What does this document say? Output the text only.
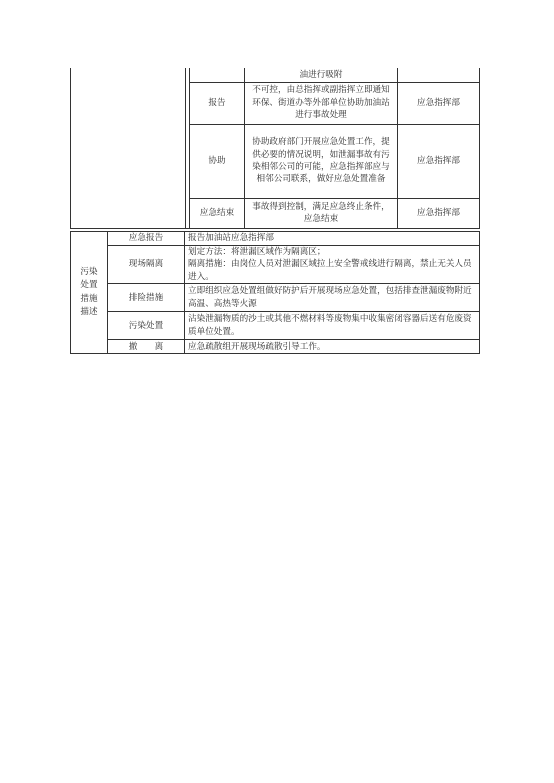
			油进行吸附	
		报告	不可控，由总指挥或副指挥立即通知环保、街道办等外部单位协助加油站进行事故处理	应急指挥部
		协助	协助政府部门开展应急处置工作，提供必要的情况说明，如泄漏事故有污染相邻公司的可能，应急指挥部应与相邻公司联系，做好应急处置准备	应急指挥部
		应急结束	事故得到控制，满足应急终止条件，应急结束	应急指挥部
污染处置措施描述	应急报告	报告加油站应急指挥部
	现场隔离	划定方法：将泄漏区域作为隔离区；
隔离措施：由岗位人员对泄漏区域拉上安全警戒线进行隔离，禁止无关人员进入。

	排险措施	立即组织应急处置组做好防护后开展现场应急处置，包括排查泄漏废物附近高温、高热等火源
	污染处置	沾染泄漏物质的沙土或其他不燃材料等废物集中收集密闭容器后送有危废资质单位处置。
	撤　　离	应急疏散组开展现场疏散引导工作。
